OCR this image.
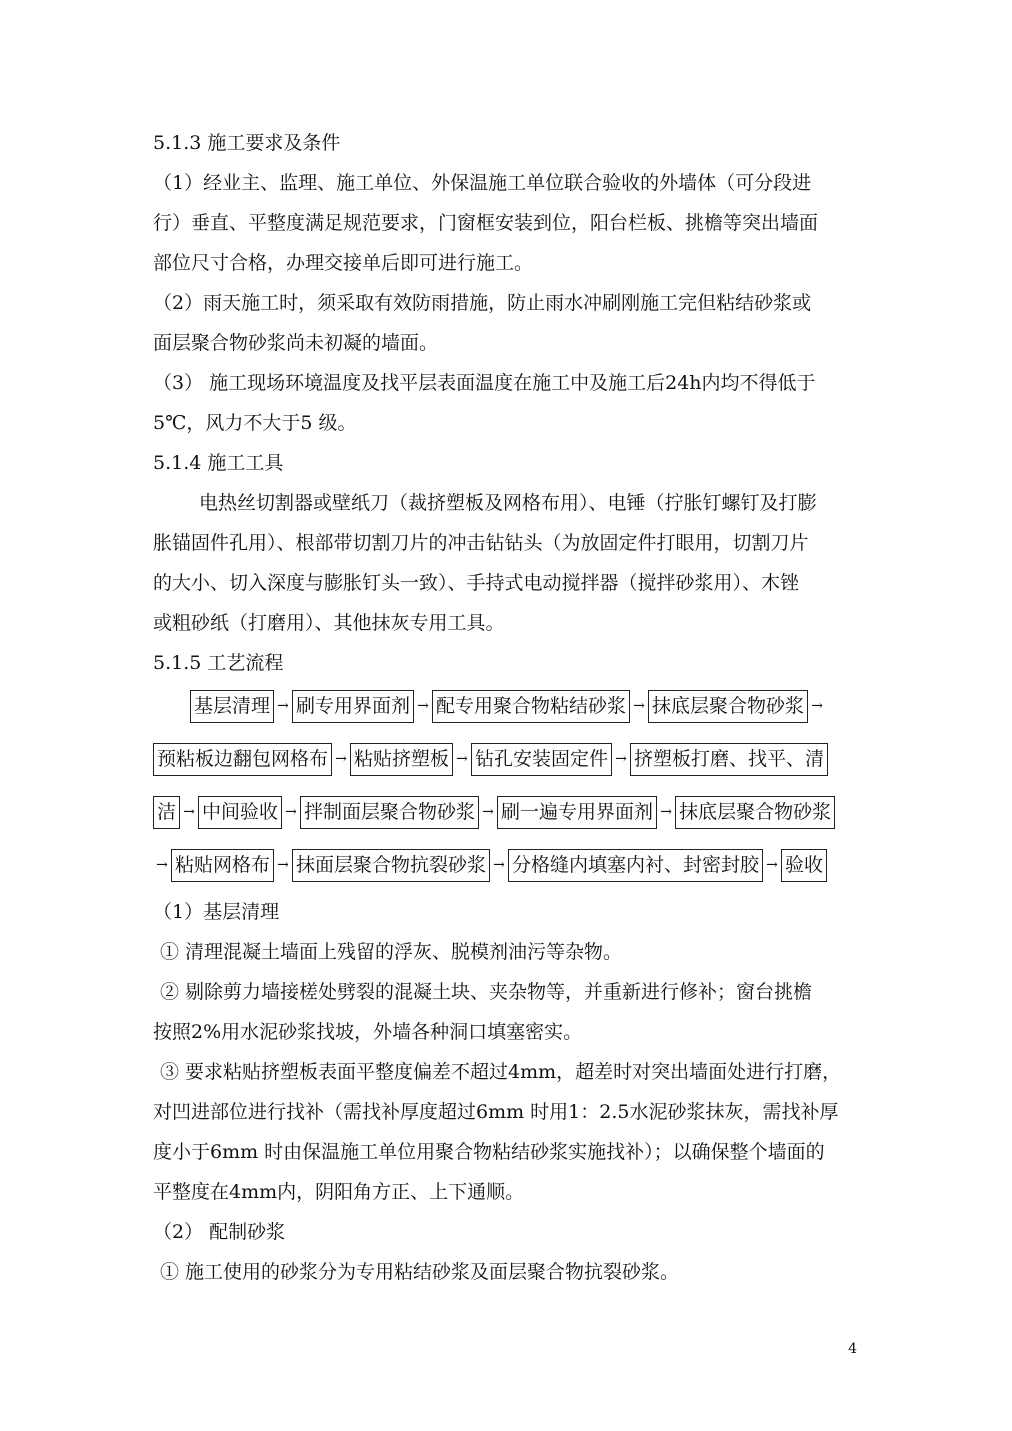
5.1.3 施工要求及条件
（1）经业主、监理、施工单位、外保温施工单位联合验收的外墙体（可分段进
行）垂直、平整度满足规范要求，门窗框安装到位，阳台栏板、挑檐等突出墙面
部位尺寸合格，办理交接单后即可进行施工。
（2）雨天施工时，须采取有效防雨措施，防止雨水冲刷刚施工完但粘结砂浆或
面层聚合物砂浆尚未初凝的墙面。
（3） 施工现场环境温度及找平层表面温度在施工中及施工后24h内均不得低于
5℃，风力不大于5 级。
5.1.4 施工工具
电热丝切割器或壁纸刀（裁挤塑板及网格布用）、电锤（拧胀钉螺钉及打膨
胀锚固件孔用）、根部带切割刀片的冲击钻钻头（为放固定件打眼用，切割刀片
的大小、切入深度与膨胀钉头一致）、手持式电动搅拌器（搅拌砂浆用）、木锉
或粗砂纸（打磨用）、其他抹灰专用工具。
5.1.5 工艺流程
基层清理 → 刷专用界面剂 → 配专用聚合物粘结砂浆 → 抹底层聚合物砂浆 →
预粘板边翻包网格布 → 粘贴挤塑板 → 钻孔安装固定件 → 挤塑板打磨、找平、清
洁 → 中间验收 → 拌制面层聚合物砂浆 → 刷一遍专用界面剂 → 抹底层聚合物砂浆
→ 粘贴网格布 → 抹面层聚合物抗裂砂浆 → 分格缝内填塞内衬、封密封胶 → 验收
（1）基层清理
① 清理混凝土墙面上残留的浮灰、脱模剂油污等杂物。
② 剔除剪力墙接槎处劈裂的混凝土块、夹杂物等，并重新进行修补；窗台挑檐
按照2%用水泥砂浆找坡，外墙各种洞口填塞密实。
③ 要求粘贴挤塑板表面平整度偏差不超过4mm，超差时对突出墙面处进行打磨，
对凹进部位进行找补（需找补厚度超过6mm 时用1：2.5水泥砂浆抹灰，需找补厚
度小于6mm 时由保温施工单位用聚合物粘结砂浆实施找补）；以确保整个墙面的
平整度在4mm内，阴阳角方正、上下通顺。
（2） 配制砂浆
① 施工使用的砂浆分为专用粘结砂浆及面层聚合物抗裂砂浆。
4
